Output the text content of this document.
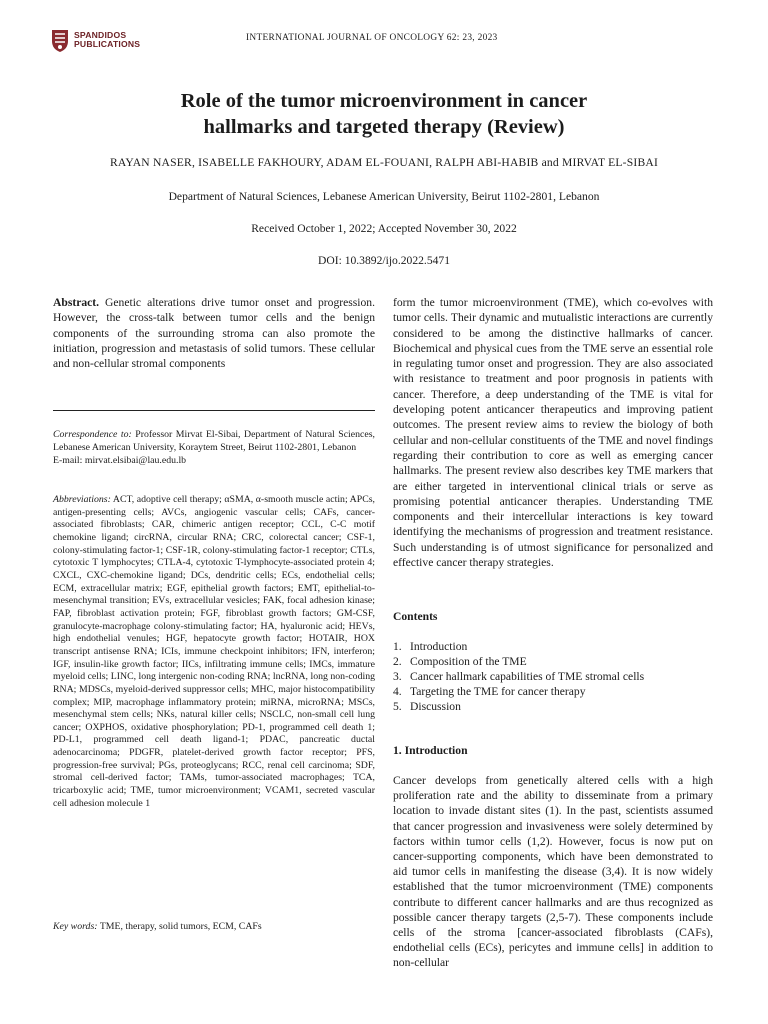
SPANDIDOS
PUBLICATIONS
INTERNATIONAL JOURNAL OF ONCOLOGY 62: 23, 2023
Role of the tumor microenvironment in cancer
hallmarks and targeted therapy (Review)
RAYAN NASER, ISABELLE FAKHOURY, ADAM EL-FOUANI, RALPH ABI-HABIB and MIRVAT EL-SIBAI
Department of Natural Sciences, Lebanese American University, Beirut 1102-2801, Lebanon
Received October 1, 2022; Accepted November 30, 2022
DOI: 10.3892/ijo.2022.5471

Abstract. Genetic alterations drive tumor onset and progression. However, the cross-talk between tumor cells and the benign components of the surrounding stroma can also promote the initiation, progression and metastasis of solid tumors. These cellular and non-cellular stromal components

Correspondence to: Professor Mirvat El-Sibai, Department of Natural Sciences, Lebanese American University, Koraytem Street, Beirut 1102-2801, Lebanon
E-mail: mirvat.elsibai@lau.edu.lb
Abbreviations: ACT, adoptive cell therapy; αSMA, α-smooth muscle actin; APCs, antigen-presenting cells; AVCs, angiogenic vascular cells; CAFs, cancer-associated fibroblasts; CAR, chimeric antigen receptor; CCL, C-C motif chemokine ligand; circRNA, circular RNA; CRC, colorectal cancer; CSF-1, colony-stimulating factor-1; CSF-1R, colony-stimulating factor-1 receptor; CTLs, cytotoxic T lymphocytes; CTLA-4, cytotoxic T-lymphocyte-associated protein 4; CXCL, CXC-chemokine ligand; DCs, dendritic cells; ECs, endothelial cells; ECM, extracellular matrix; EGF, epithelial growth factors; EMT, epithelial-to-mesenchymal transition; EVs, extracellular vesicles; FAK, focal adhesion kinase; FAP, fibroblast activation protein; FGF, fibroblast growth factors; GM-CSF, granulocyte-macrophage colony-stimulating factor; HA, hyaluronic acid; HEVs, high endothelial venules; HGF, hepatocyte growth factor; HOTAIR, HOX transcript antisense RNA; ICIs, immune checkpoint inhibitors; IFN, interferon; IGF, insulin-like growth factor; IICs, infiltrating immune cells; IMCs, immature myeloid cells; LINC, long intergenic non-coding RNA; lncRNA, long non-coding RNA; MDSCs, myeloid-derived suppressor cells; MHC, major histocompatibility complex; MIP, macrophage inflammatory protein; miRNA, microRNA; MSCs, mesenchymal stem cells; NKs, natural killer cells; NSCLC, non-small cell lung cancer; OXPHOS, oxidative phosphorylation; PD-1, programmed cell death 1; PD-L1, programmed cell death ligand-1; PDAC, pancreatic ductal adenocarcinoma; PDGFR, platelet-derived growth factor receptor; PFS, progression-free survival; PGs, proteoglycans; RCC, renal cell carcinoma; SDF, stromal cell-derived factor; TAMs, tumor-associated macrophages; TCA, tricarboxylic acid; TME, tumor microenvironment; VCAM1, secreted vascular cell adhesion molecule 1
Key words: TME, therapy, solid tumors, ECM, CAFs

form the tumor microenvironment (TME), which co-evolves with tumor cells. Their dynamic and mutualistic interactions are currently considered to be among the distinctive hallmarks of cancer. Biochemical and physical cues from the TME serve an essential role in regulating tumor onset and progression. They are also associated with resistance to treatment and poor prognosis in patients with cancer. Therefore, a deep understanding of the TME is vital for developing potent anticancer therapeutics and improving patient outcomes. The present review aims to review the biology of both cellular and non-cellular constituents of the TME and novel findings regarding their contribution to core as well as emerging cancer hallmarks. The present review also describes key TME markers that are either targeted in interventional clinical trials or serve as promising potential anticancer therapies. Understanding TME components and their intercellular interactions is key toward identifying the mechanisms of progression and treatment resistance. Such understanding is of utmost significance for personalized and effective cancer therapy strategies.

Contents

1. Introduction
2. Composition of the TME
3. Cancer hallmark capabilities of TME stromal cells
4. Targeting the TME for cancer therapy
5. Discussion

1. Introduction

Cancer develops from genetically altered cells with a high proliferation rate and the ability to disseminate from a primary location to invade distant sites (1). In the past, scientists assumed that cancer progression and invasiveness were solely determined by factors within tumor cells (1,2). However, focus is now put on cancer-supporting components, which have been demonstrated to aid tumor cells in manifesting the disease (3,4). It is now widely established that the tumor microenvironment (TME) components contribute to different cancer hallmarks and are thus recognized as possible cancer therapy targets (2,5-7). These components include cells of the stroma [cancer-associated fibroblasts (CAFs), endothelial cells (ECs), pericytes and immune cells] in addition to non-cellular
